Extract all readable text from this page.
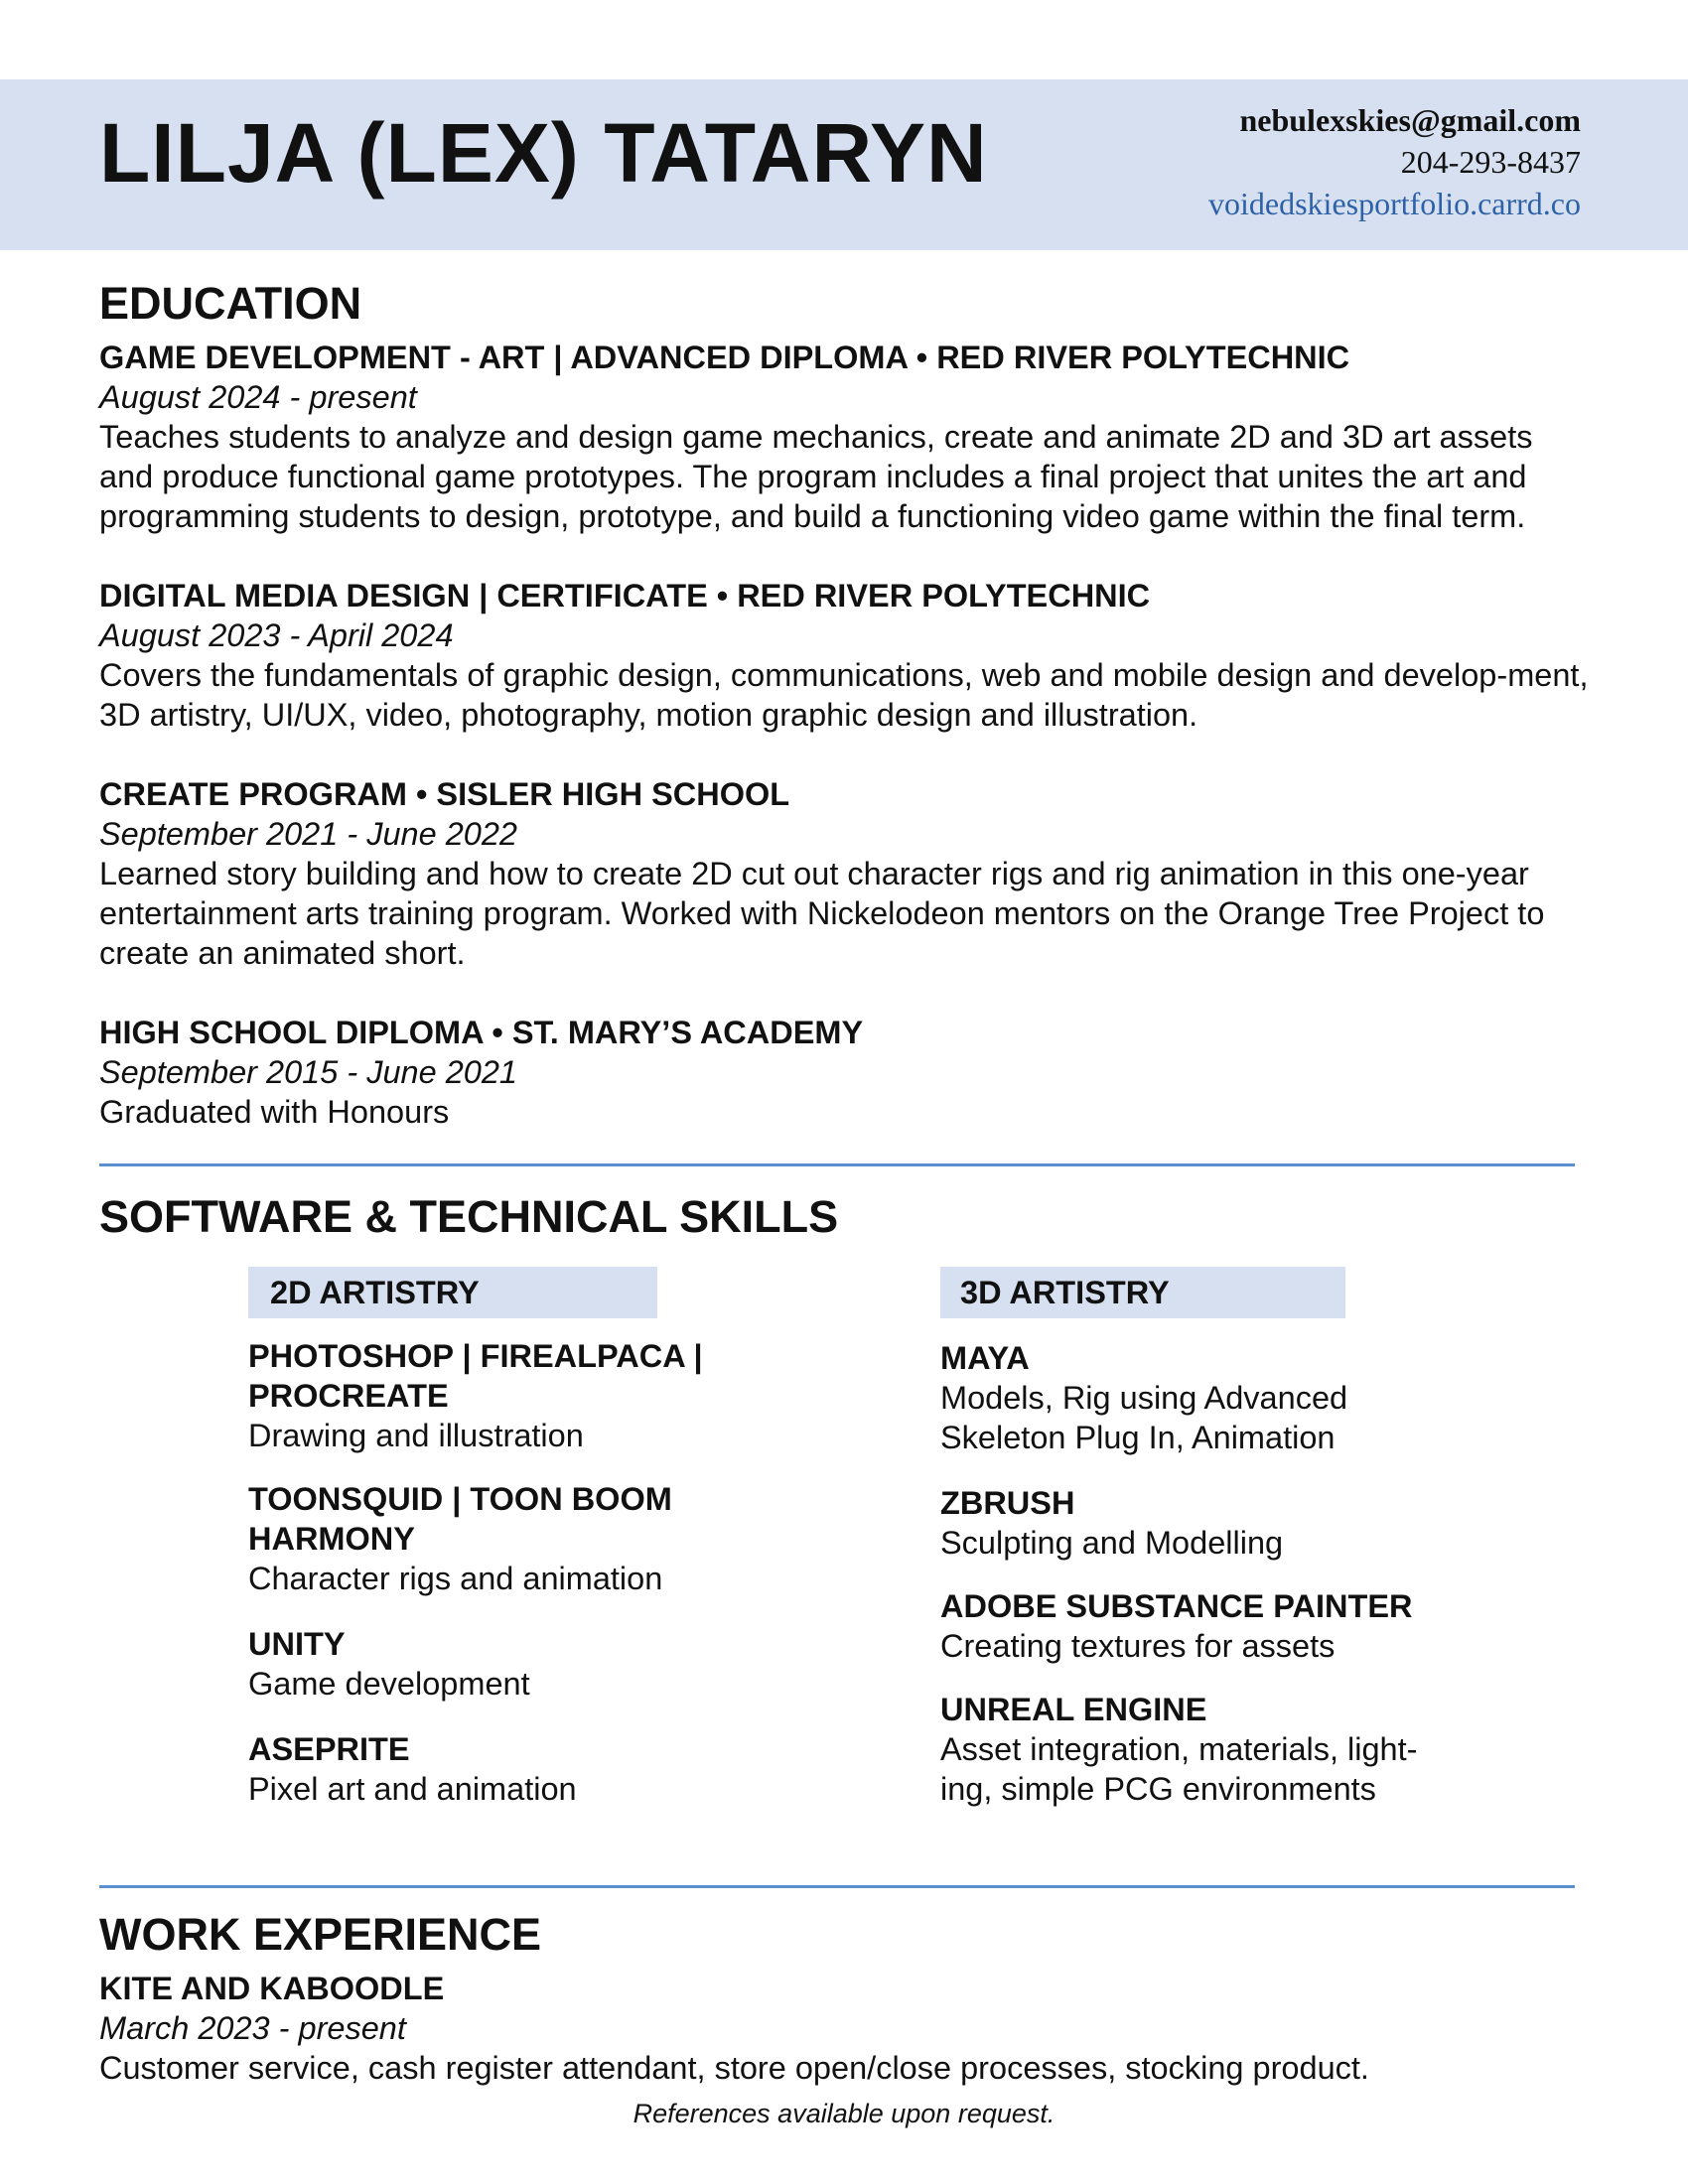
LILJA (LEX) TATARYN	nebulexskies@gmail.com
204-293-8437
voidedskiesportfolio.carrd.co
EDUCATION
GAME DEVELOPMENT - ART | ADVANCED DIPLOMA • RED RIVER POLYTECHNIC
August 2024 - present
Teaches students to analyze and design game mechanics, create and animate 2D and 3D art assets and produce functional game prototypes. The program includes a final project that unites the art and programming students to design, prototype, and build a functioning video game within the final term.
DIGITAL MEDIA DESIGN | CERTIFICATE • RED RIVER POLYTECHNIC
August 2023 - April 2024
Covers the fundamentals of graphic design, communications, web and mobile design and develop-ment, 3D artistry, UI/UX, video, photography, motion graphic design and illustration.
CREATE PROGRAM • SISLER HIGH SCHOOL
September 2021 - June 2022
Learned story building and how to create 2D cut out character rigs and rig animation in this one-year entertainment arts training program. Worked with Nickelodeon mentors on the Orange Tree Project to create an animated short.
HIGH SCHOOL DIPLOMA • ST. MARY’S ACADEMY
September 2015 - June 2021
Graduated with Honours
SOFTWARE & TECHNICAL SKILLS
2D ARTISTRY	3D ARTISTRY
PHOTOSHOP | FIREALPACA | PROCREATE
Drawing and illustration
TOONSQUID | TOON BOOM HARMONY
Character rigs and animation
UNITY
Game development
ASEPRITE
Pixel art and animation
MAYA
Models, Rig using Advanced Skeleton Plug In, Animation
ZBRUSH
Sculpting and Modelling
ADOBE SUBSTANCE PAINTER
Creating textures for assets
UNREAL ENGINE
Asset integration, materials, light-ing, simple PCG environments
WORK EXPERIENCE
KITE AND KABOODLE
March 2023 - present
Customer service, cash register attendant, store open/close processes, stocking product.
References available upon request.
